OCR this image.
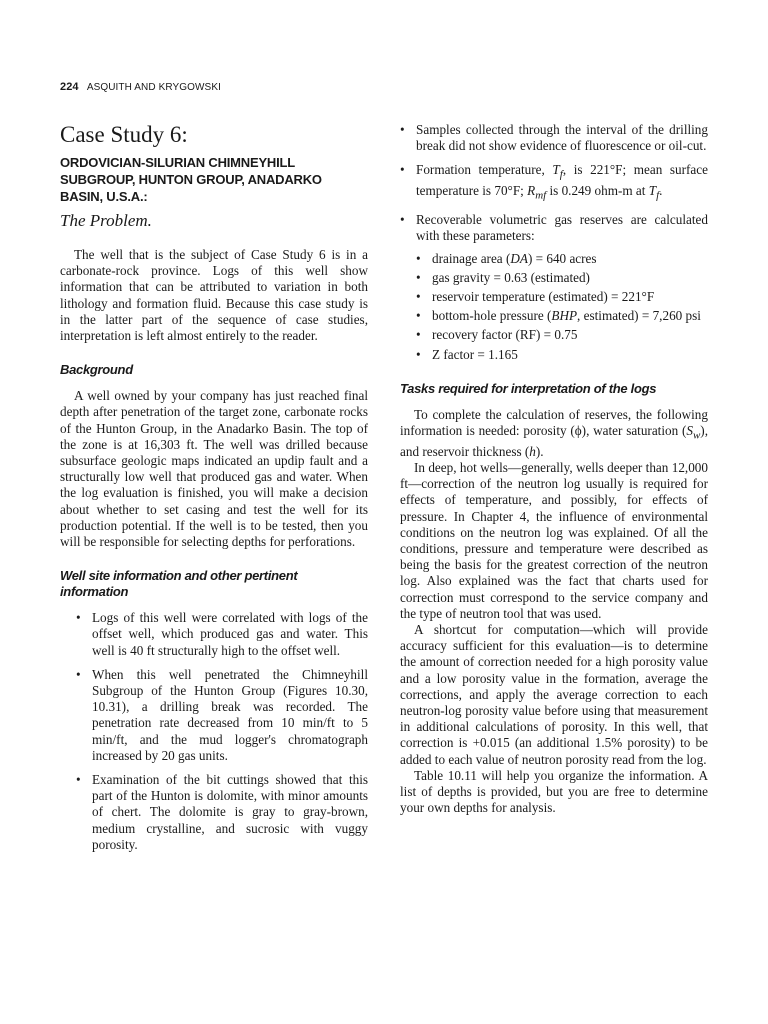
224 ASQUITH AND KRYGOWSKI
Case Study 6:
ORDOVICIAN-SILURIAN CHIMNEYHILL SUBGROUP, HUNTON GROUP, ANADARKO BASIN, U.S.A.:
The Problem.

The well that is the subject of Case Study 6 is in a carbonate-rock province. Logs of this well show information that can be attributed to variation in both lithology and formation fluid. Because this case study is in the latter part of the sequence of case studies, interpretation is left almost entirely to the reader.

Background

A well owned by your company has just reached final depth after penetration of the target zone, carbonate rocks of the Hunton Group, in the Anadarko Basin. The top of the zone is at 16,303 ft. The well was drilled because subsurface geologic maps indicated an updip fault and a structurally low well that produced gas and water. When the log evaluation is finished, you will make a decision about whether to set casing and test the well for its production potential. If the well is to be tested, then you will be responsible for selecting depths for perforations.

Well site information and other pertinent information
• Logs of this well were correlated with logs of the offset well, which produced gas and water. This well is 40 ft structurally high to the offset well.
• When this well penetrated the Chimneyhill Subgroup of the Hunton Group (Figures 10.30, 10.31), a drilling break was recorded. The penetration rate decreased from 10 min/ft to 5 min/ft, and the mud logger's chromatograph increased by 20 gas units.
• Examination of the bit cuttings showed that this part of the Hunton is dolomite, with minor amounts of chert. The dolomite is gray to gray-brown, medium crystalline, and sucrosic with vuggy porosity.
• Samples collected through the interval of the drilling break did not show evidence of fluorescence or oil-cut.
• Formation temperature, $T_f$, is 221°F; mean surface temperature is 70°F; $R_{mf}$ is 0.249 ohm-m at $T_f$.
• Recoverable volumetric gas reserves are calculated with these parameters:
• drainage area (DA) = 640 acres
• gas gravity = 0.63 (estimated)
• reservoir temperature (estimated) = 221°F
• bottom-hole pressure (BHP, estimated) = 7,260 psi
• recovery factor (RF) = 0.75
• Z factor = 1.165
Tasks required for interpretation of the logs

To complete the calculation of reserves, the following information is needed: porosity (ϕ), water saturation $(S_w)$, and reservoir thickness (h).

In deep, hot wells—generally, wells deeper than 12,000 ft—correction of the neutron log usually is required for effects of temperature, and possibly, for effects of pressure. In Chapter 4, the influence of environmental conditions on the neutron log was explained. Of all the conditions, pressure and temperature were described as being the basis for the greatest correction of the neutron log. Also explained was the fact that charts used for correction must correspond to the service company and the type of neutron tool that was used.

A shortcut for computation—which will provide accuracy sufficient for this evaluation—is to determine the amount of correction needed for a high porosity value and a low porosity value in the formation, average the corrections, and apply the average correction to each neutron-log porosity value before using that measurement in additional calculations of porosity. In this well, that correction is +0.015 (an additional 1.5% porosity) to be added to each value of neutron porosity read from the log.

Table 10.11 will help you organize the information. A list of depths is provided, but you are free to determine your own depths for analysis.
